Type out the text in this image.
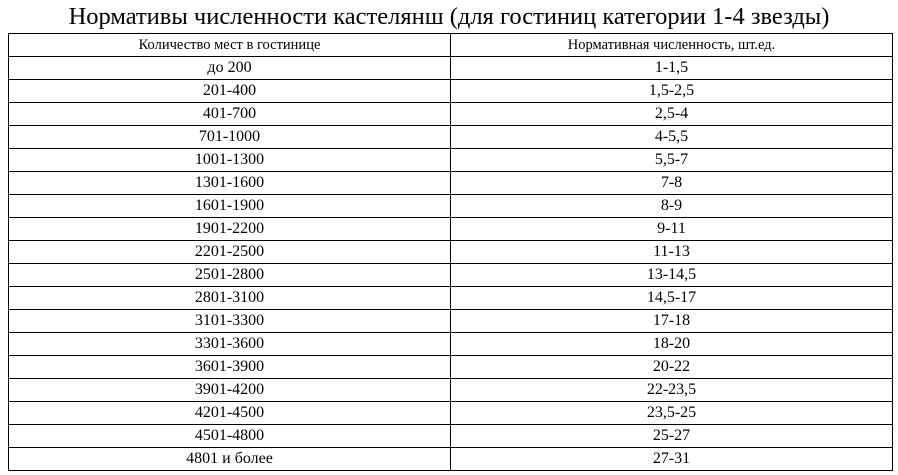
Нормативы численности кастелянш (для гостиниц категории 1-4 звезды)
Количество мест в гостинице	Нормативная численность, шт.ед.
до 200	1-1,5
201-400	1,5-2,5
401-700	2,5-4
701-1000	4-5,5
1001-1300	5,5-7
1301-1600	7-8
1601-1900	8-9
1901-2200	9-11
2201-2500	11-13
2501-2800	13-14,5
2801-3100	14,5-17
3101-3300	17-18
3301-3600	18-20
3601-3900	20-22
3901-4200	22-23,5
4201-4500	23,5-25
4501-4800	25-27
4801 и более	27-31
